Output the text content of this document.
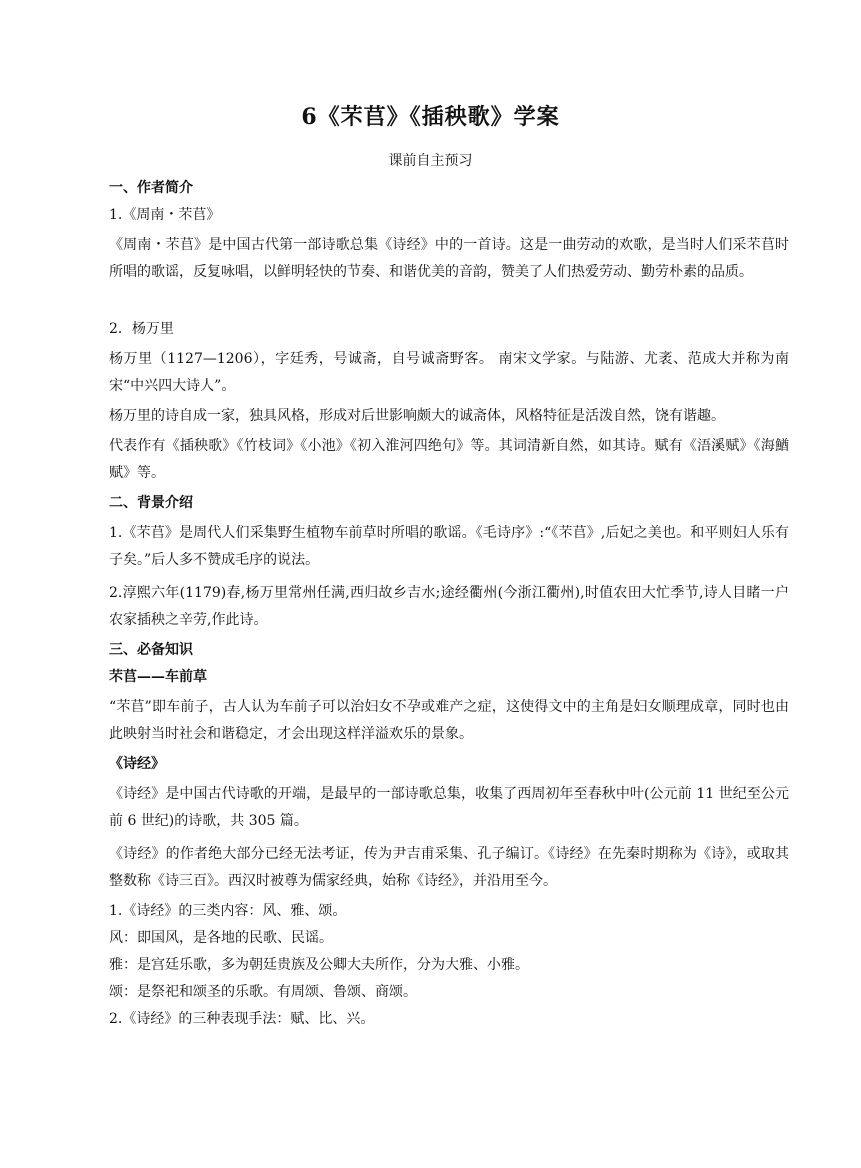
6《芣苢》《插秧歌》学案
课前自主预习
一、作者简介
1.《周南・芣苢》
《周南・芣苢》是中国古代第一部诗歌总集《诗经》中的一首诗。这是一曲劳动的欢歌，是当时人们采芣苢时所唱的歌谣，反复咏唱，以鲜明轻快的节奏、和谐优美的音韵，赞美了人们热爱劳动、勤劳朴素的品质。
2．杨万里
杨万里（1127—1206），字廷秀，号诚斋，自号诚斋野客。 南宋文学家。与陆游、尤袤、范成大并称为南宋“中兴四大诗人”。
杨万里的诗自成一家，独具风格，形成对后世影响颇大的诚斋体，风格特征是活泼自然，饶有谐趣。
代表作有《插秧歌》《竹枝词》《小池》《初入淮河四绝句》等。其词清新自然，如其诗。赋有《浯溪赋》《海鰌赋》等。
二、背景介绍
1.《芣苢》是周代人们采集野生植物车前草时所唱的歌谣。《毛诗序》:“《芣苢》,后妃之美也。和平则妇人乐有子矣。”后人多不赞成毛序的说法。
2.淳熙六年(1179)春,杨万里常州任满,西归故乡吉水;途经衢州(今浙江衢州),时值农田大忙季节,诗人目睹一户农家插秧之辛劳,作此诗。
三、必备知识
芣苢——车前草
“芣苢”即车前子，古人认为车前子可以治妇女不孕或难产之症，这使得文中的主角是妇女顺理成章，同时也由此映射当时社会和谐稳定，才会出现这样洋溢欢乐的景象。
《诗经》
《诗经》是中国古代诗歌的开端，是最早的一部诗歌总集，收集了西周初年至春秋中叶(公元前 11 世纪至公元前 6 世纪)的诗歌，共 305 篇。
《诗经》的作者绝大部分已经无法考证，传为尹吉甫采集、孔子编订。《诗经》在先秦时期称为《诗》，或取其整数称《诗三百》。西汉时被尊为儒家经典，始称《诗经》，并沿用至今。
1.《诗经》的三类内容：风、雅、颂。
风：即国风，是各地的民歌、民谣。
雅：是宫廷乐歌，多为朝廷贵族及公卿大夫所作，分为大雅、小雅。
颂：是祭祀和颂圣的乐歌。有周颂、鲁颂、商颂。
2.《诗经》的三种表现手法：赋、比、兴。
